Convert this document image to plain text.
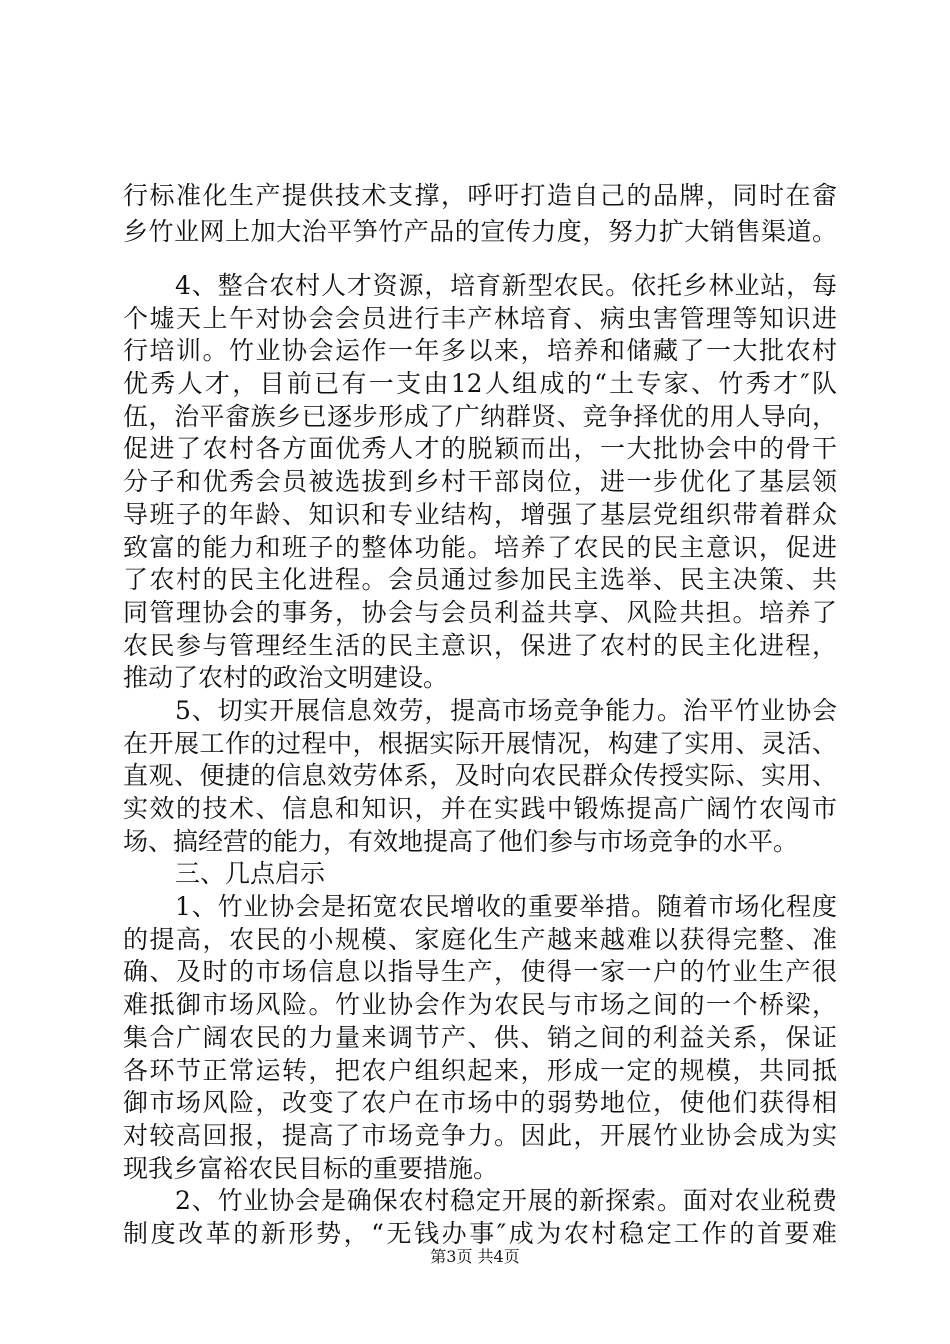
行标准化生产提供技术支撑，呼吁打造自己的品牌，同时在畲
乡竹业网上加大治平笋竹产品的宣传力度，努力扩大销售渠道。
4、整合农村人才资源，培育新型农民。依托乡林业站，每
个墟天上午对协会会员进行丰产林培育、病虫害管理等知识进
行培训。竹业协会运作一年多以来，培养和储藏了一大批农村
优秀人才，目前已有一支由12人组成的“土专家、竹秀才″队
伍，治平畲族乡已逐步形成了广纳群贤、竞争择优的用人导向，
促进了农村各方面优秀人才的脱颖而出，一大批协会中的骨干
分子和优秀会员被选拔到乡村干部岗位，进一步优化了基层领
导班子的年龄、知识和专业结构，增强了基层党组织带着群众
致富的能力和班子的整体功能。培养了农民的民主意识，促进
了农村的民主化进程。会员通过参加民主选举、民主决策、共
同管理协会的事务，协会与会员利益共享、风险共担。培养了
农民参与管理经生活的民主意识，保进了农村的民主化进程，
推动了农村的政治文明建设。
5、切实开展信息效劳，提高市场竞争能力。治平竹业协会
在开展工作的过程中，根据实际开展情况，构建了实用、灵活、
直观、便捷的信息效劳体系，及时向农民群众传授实际、实用、
实效的技术、信息和知识，并在实践中锻炼提高广阔竹农闯市
场、搞经营的能力，有效地提高了他们参与市场竞争的水平。
三、几点启示
1、竹业协会是拓宽农民增收的重要举措。随着市场化程度
的提高，农民的小规模、家庭化生产越来越难以获得完整、准
确、及时的市场信息以指导生产，使得一家一户的竹业生产很
难抵御市场风险。竹业协会作为农民与市场之间的一个桥梁，
集合广阔农民的力量来调节产、供、销之间的利益关系，保证
各环节正常运转，把农户组织起来，形成一定的规模，共同抵
御市场风险，改变了农户在市场中的弱势地位，使他们获得相
对较高回报，提高了市场竞争力。因此，开展竹业协会成为实
现我乡富裕农民目标的重要措施。
2、竹业协会是确保农村稳定开展的新探索。面对农业税费
制度改革的新形势，“无钱办事″成为农村稳定工作的首要难
第3页 共4页
